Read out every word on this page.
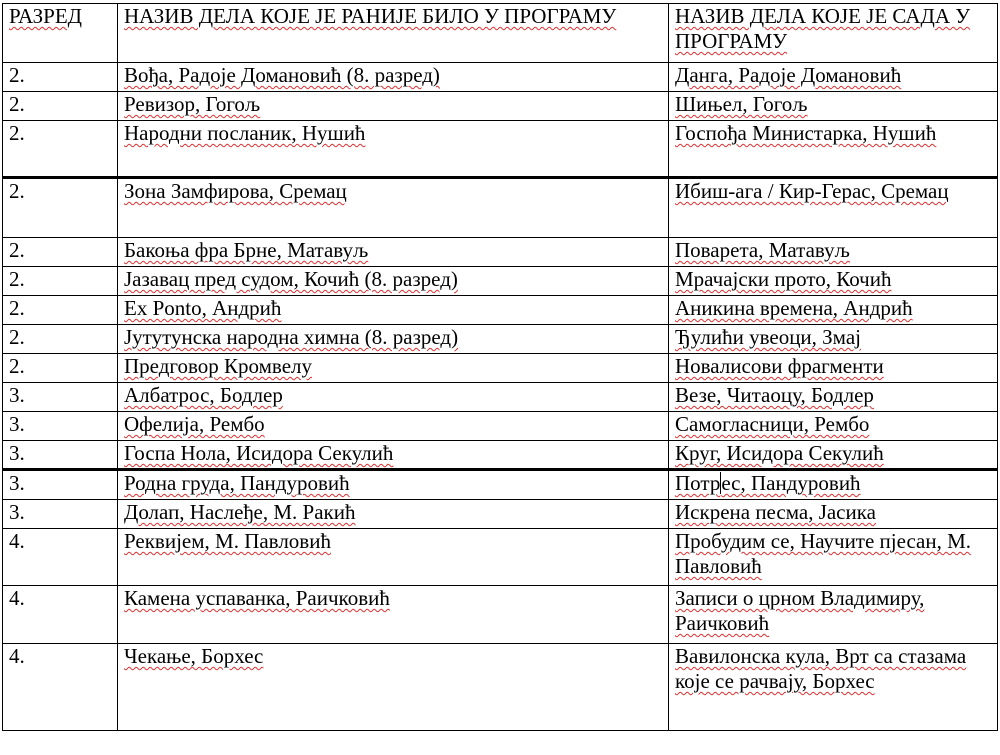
РАЗРЕД	НАЗИВ ДЕЛА КОЈЕ ЈЕ РАНИЈЕ БИЛО У ПРОГРАМУ	НАЗИВ ДЕЛА КОЈЕ ЈЕ САДА У ПРОГРАМУ
2.	Вођа, Радоје Домановић (8. разред)	Данга, Радоје Домановић
2.	Ревизор, Гогољ	Шињел, Гогољ
2.	Народни посланик, Нушић	Госпођа Министарка, Нушић
2.	Зона Замфирова, Сремац	Ибиш-ага / Кир-Герас, Сремац
2.	Бакоња фра Брне, Матавуљ	Поварета, Матавуљ
2.	Јазавац пред судом, Кочић (8. разред)	Мрачајски прото, Кочић
2.	Ex Ponto, Андрић	Аникина времена, Андрић
2.	Јутутунска народна химна (8. разред)	Ђулићи увеоци, Змај
2.	Предговор Кромвелу	Новалисови фрагменти
3.	Албатрос, Бодлер	Везе, Читаоцу, Бодлер
3.	Офелија, Рембо	Самогласници, Рембо
3.	Госпа Нола, Исидора Секулић	Круг, Исидора Секулић
3.	Родна груда, Пандуровић	Потрес, Пандуровић
3.	Долап, Наслеђе, М. Ракић	Искрена песма, Јасика
4.	Реквијем, М. Павловић	Пробудим се, Научите пјесан, М. Павловић
4.	Камена успаванка, Раичковић	Записи о црном Владимиру, Раичковић
4.	Чекање, Борхес	Вавилонска кула, Врт са стазама које се рачвају, Борхес
